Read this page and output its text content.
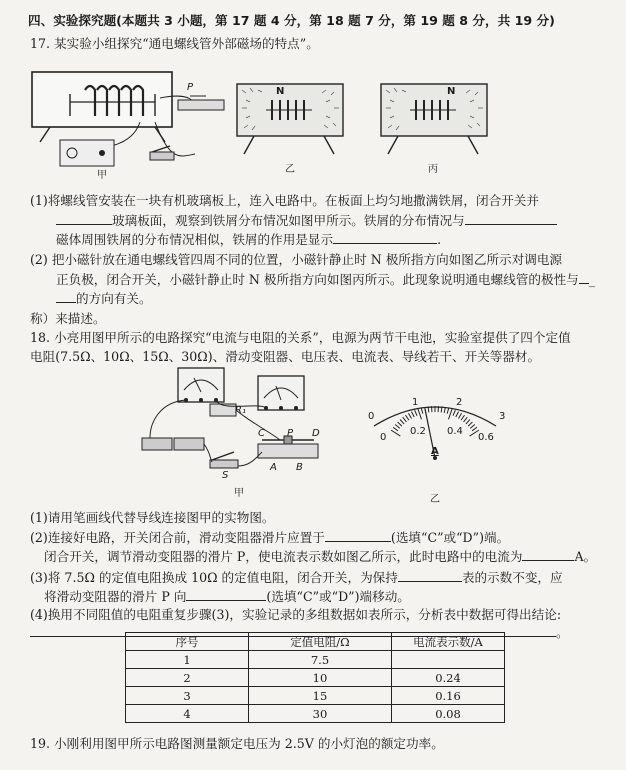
四、实验探究题(本题共 3 小题，第 17 题 4 分，第 18 题 7 分，第 19 题 8 分，共 19 分)
17. 某实验小组探究“通电螺线管外部磁场的特点”。
P
甲
N
乙
N
丙
(1)将螺线管安装在一块有机玻璃板上，连入电路中。在板面上均匀地撒满铁屑，闭合开关并
玻璃板面，观察到铁屑分布情况如图甲所示。铁屑的分布情况与
磁体周围铁屑的分布情况相似，铁屑的作用是显示	.
(2) 把小磁针放在通电螺线管四周不同的位置，小磁针静止时 N 极所指方向如图乙所示对调电源
正负极，闭合开关，小磁针静止时 N 极所指方向如图丙所示。此现象说明通电螺线管的极性与 _
的方向有关。
称）来描述。
18. 小亮用图甲所示的电路探究“电流与电阻的关系”，电源为两节干电池，实验室提供了四个定值
电阻(7.5Ω、10Ω、15Ω、30Ω)、滑动变阻器、电压表、电流表、导线若干、开关等器材。
R₁
C P D
A B
S
甲
0
1	2
3
0
0.2 0.4
0.6
A
乙
(1)请用笔画线代替导线连接图甲的实物图。
(2)连接好电路，开关闭合前，滑动变阻器滑片应置于	(选填“C”或“D”)端。
闭合开关，调节滑动变阻器的滑片 P，使电流表示数如图乙所示，此时电路中的电流为	A。
(3)将 7.5Ω 的定值电阻换成 10Ω 的定值电阻，闭合开关，为保持	表的示数不变，应
将滑动变阻器的滑片 P 向	(选填“C”或“D”)端移动。
(4)换用不同阻值的电阻重复步骤(3)，实验记录的多组数据如表所示，分析表中数据可得出结论:
。
序号	定值电阻/Ω	电流表示数/A
1	7.5	
2	10	0.24
3	15	0.16
4	30	0.08
19. 小刚利用图甲所示电路图测量额定电压为 2.5V 的小灯泡的额定功率。
